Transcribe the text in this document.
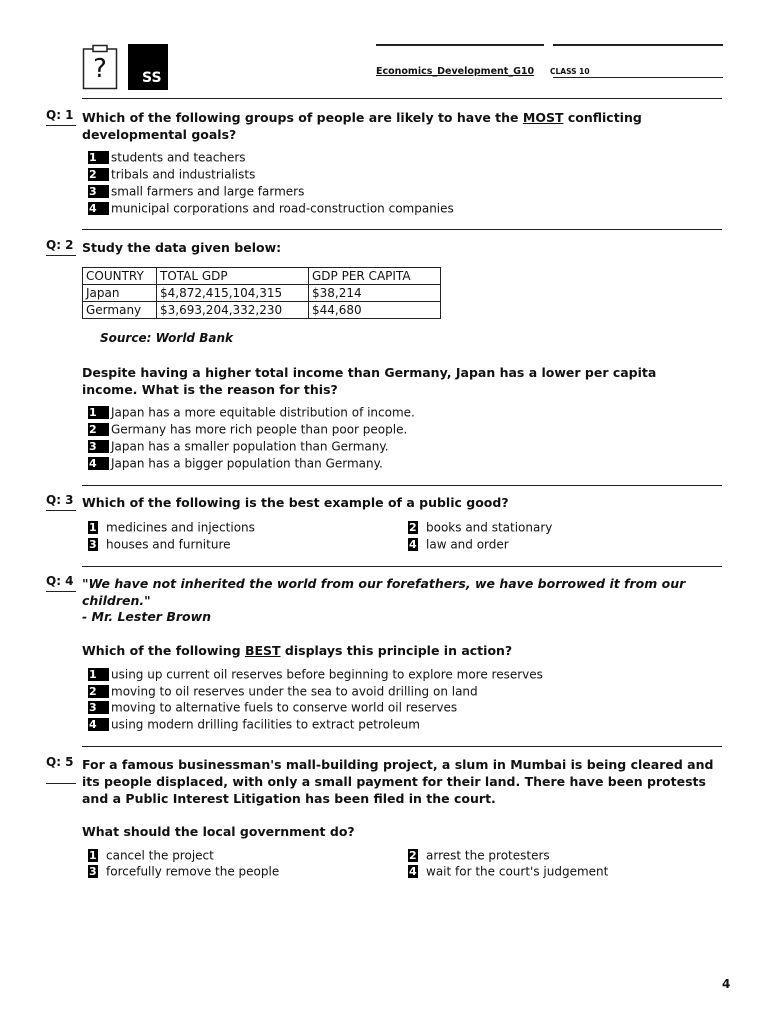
?	SS	Economics_Development_G10 CLASS 10
Q: 1 Which of the following groups of people are likely to have the MOST conflicting developmental goals?
1 students and teachers
2 tribals and industrialists
3 small farmers and large farmers
4 municipal corporations and road-construction companies
Q: 2 Study the data given below:
COUNTRY	TOTAL GDP	GDP PER CAPITA
Japan	$4,872,415,104,315	$38,214
Germany	$3,693,204,332,230	$44,680
Source: World Bank
Despite having a higher total income than Germany, Japan has a lower per capita income. What is the reason for this?
1 Japan has a more equitable distribution of income.
2 Germany has more rich people than poor people.
3 Japan has a smaller population than Germany.
4 Japan has a bigger population than Germany.
Q: 3 Which of the following is the best example of a public good?
1 medicines and injections	2 books and stationary
3 houses and furniture	4 law and order
Q: 4 "We have not inherited the world from our forefathers, we have borrowed it from our children."
- Mr. Lester Brown
Which of the following BEST displays this principle in action?
1 using up current oil reserves before beginning to explore more reserves
2 moving to oil reserves under the sea to avoid drilling on land
3 moving to alternative fuels to conserve world oil reserves
4 using modern drilling facilities to extract petroleum
Q: 5 For a famous businessman's mall-building project, a slum in Mumbai is being cleared and its people displaced, with only a small payment for their land. There have been protests and a Public Interest Litigation has been filed in the court.
What should the local government do?
1 cancel the project	2 arrest the protesters
3 forcefully remove the people	4 wait for the court's judgement
4
